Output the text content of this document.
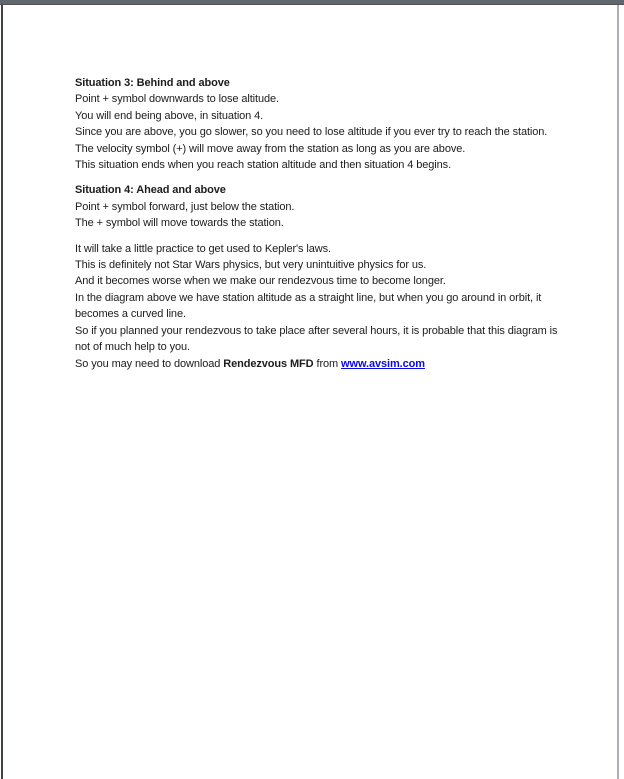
Situation 3: Behind and above
Point + symbol downwards to lose altitude.
You will end being above, in situation 4.
Since you are above, you go slower, so you need to lose altitude if you ever try to reach the station.
The velocity symbol (+) will move away from the station as long as you are above.
This situation ends when you reach station altitude and then situation 4 begins.
Situation 4: Ahead and above
Point + symbol forward, just below the station.
The + symbol will move towards the station.
It will take a little practice to get used to Kepler's laws.
This is definitely not Star Wars physics, but very unintuitive physics for us.
And it becomes worse when we make our rendezvous time to become longer.
In the diagram above we have station altitude as a straight line, but when you go around in orbit, it
becomes a curved line.
So if you planned your rendezvous to take place after several hours, it is probable that this diagram is
not of much help to you.
So you may need to download Rendezvous MFD from www.avsim.com
